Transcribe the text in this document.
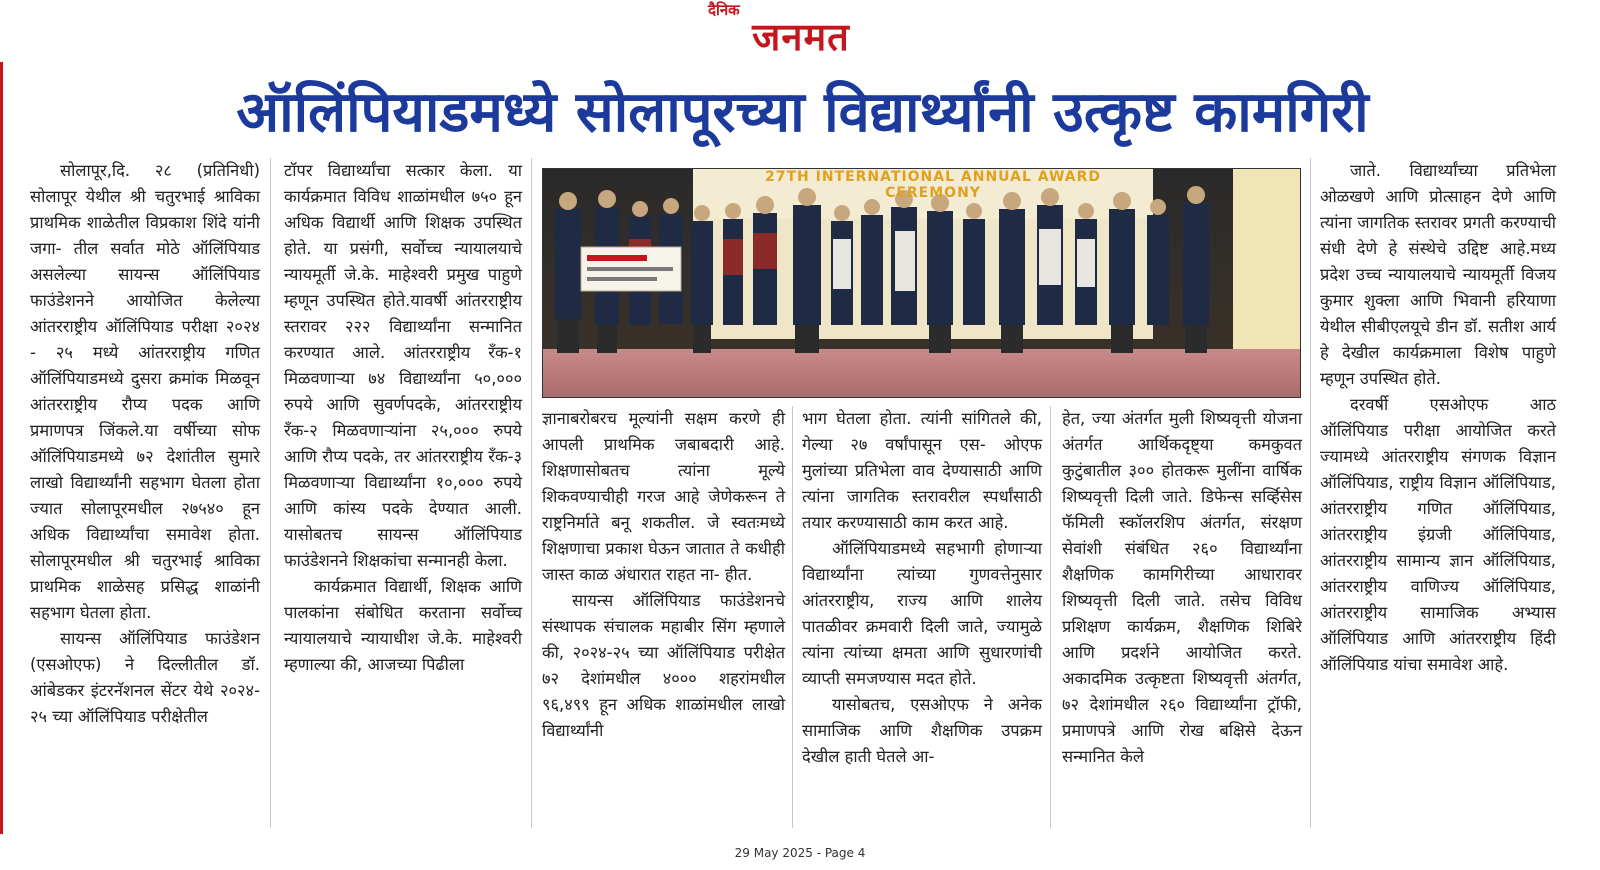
दैनिक
जनमत
ऑलिंपियाडमध्ये सोलापूरच्या विद्यार्थ्यांनी उत्कृष्ट कामगिरी

सोलापूर,दि. २८ (प्रतिनिधी) सोलापूर येथील श्री चतुरभाई श्राविका प्राथमिक शाळेतील विप्रकाश शिंदे यांनी जगा- तील सर्वात मोठे ऑलिंपियाड असलेल्या सायन्स ऑलिंपियाड फाउंडेशनने आयोजित केलेल्या आंतरराष्ट्रीय ऑलिंपियाड परीक्षा २०२४ - २५ मध्ये आंतरराष्ट्रीय गणित ऑलिंपियाडमध्ये दुसरा क्रमांक मिळवून आंतरराष्ट्रीय रौप्य पदक आणि प्रमाणपत्र जिंकले.या वर्षीच्या सोफ ऑलिंपियाडमध्ये ७२ देशांतील सुमारे लाखो विद्यार्थ्यांनी सहभाग घेतला होता ज्यात सोलापूरमधील २७५४० हून अधिक विद्यार्थ्यांचा समावेश होता. सोलापूरमधील श्री चतुरभाई श्राविका प्राथमिक शाळेसह प्रसिद्ध शाळांनी सहभाग घेतला होता.

सायन्स ऑलिंपियाड फाउंडेशन (एसओएफ) ने दिल्लीतील डॉ. आंबेडकर इंटरनॅशनल सेंटर येथे २०२४- २५ च्या ऑलिंपियाड परीक्षेतील

टॉपर विद्यार्थ्यांचा सत्कार केला. या कार्यक्रमात विविध शाळांमधील ७५० हून अधिक विद्यार्थी आणि शिक्षक उपस्थित होते. या प्रसंगी, सर्वोच्च न्यायालयाचे न्यायमूर्ती जे.के. माहेश्वरी प्रमुख पाहुणे म्हणून उपस्थित होते.यावर्षी आंतरराष्ट्रीय स्तरावर २२२ विद्यार्थ्यांना सन्मानित करण्यात आले. आंतरराष्ट्रीय रँक-१ मिळवणाऱ्या ७४ विद्यार्थ्यांना ५०,००० रुपये आणि सुवर्णपदके, आंतरराष्ट्रीय रँक-२ मिळवणाऱ्यांना २५,००० रुपये आणि रौप्य पदके, तर आंतरराष्ट्रीय रँक-३ मिळवणाऱ्या विद्यार्थ्यांना १०,००० रुपये आणि कांस्य पदके देण्यात आली. यासोबतच सायन्स ऑलिंपियाड फाउंडेशनने शिक्षकांचा सन्मानही केला.

कार्यक्रमात विद्यार्थी, शिक्षक आणि पालकांना संबोधित करताना सर्वोच्च न्यायालयाचे न्यायाधीश जे.के. माहेश्वरी म्हणाल्या की, आजच्या पिढीला

27TH INTERNATIONAL ANNUAL AWARD CEREMONY

ज्ञानाबरोबरच मूल्यांनी सक्षम करणे ही आपली प्राथमिक जबाबदारी आहे. शिक्षणासोबतच त्यांना मूल्ये शिकवण्याचीही गरज आहे जेणेकरून ते राष्ट्रनिर्माते बनू शकतील. जे स्वतःमध्ये शिक्षणाचा प्रकाश घेऊन जातात ते कधीही जास्त काळ अंधारात राहत ना- हीत.

सायन्स ऑलिंपियाड फाउंडेशनचे संस्थापक संचालक महाबीर सिंग म्हणाले की, २०२४-२५ च्या ऑलिंपियाड परीक्षेत ७२ देशांमधील ४००० शहरांमधील ९६,४९९ हून अधिक शाळांमधील लाखो विद्यार्थ्यांनी

भाग घेतला होता. त्यांनी सांगितले की, गेल्या २७ वर्षांपासून एस- ओएफ मुलांच्या प्रतिभेला वाव देण्यासाठी आणि त्यांना जागतिक स्तरावरील स्पर्धांसाठी तयार करण्यासाठी काम करत आहे.

ऑलिंपियाडमध्ये सहभागी होणाऱ्या विद्यार्थ्यांना त्यांच्या गुणवत्तेनुसार आंतरराष्ट्रीय, राज्य आणि शालेय पातळीवर क्रमवारी दिली जाते, ज्यामुळे त्यांना त्यांच्या क्षमता आणि सुधारणांची व्याप्ती समजण्यास मदत होते.

यासोबतच, एसओएफ ने अनेक सामाजिक आणि शैक्षणिक उपक्रम देखील हाती घेतले आ-

हेत, ज्या अंतर्गत मुली शिष्यवृत्ती योजना अंतर्गत आर्थिकदृष्ट्या कमकुवत कुटुंबातील ३०० होतकरू मुलींना वार्षिक शिष्यवृत्ती दिली जाते. डिफेन्स सर्व्हिसेस फॅमिली स्कॉलरशिप अंतर्गत, संरक्षण सेवांशी संबंधित २६० विद्यार्थ्यांना शैक्षणिक कामगिरीच्या आधारावर शिष्यवृत्ती दिली जाते. तसेच विविध प्रशिक्षण कार्यक्रम, शैक्षणिक शिबिरे आणि प्रदर्शने आयोजित करते. अकादमिक उत्कृष्टता शिष्यवृत्ती अंतर्गत, ७२ देशांमधील २६० विद्यार्थ्यांना ट्रॉफी, प्रमाणपत्रे आणि रोख बक्षिसे देऊन सन्मानित केले

जाते. विद्यार्थ्यांच्या प्रतिभेला ओळखणे आणि प्रोत्साहन देणे आणि त्यांना जागतिक स्तरावर प्रगती करण्याची संधी देणे हे संस्थेचे उद्दिष्ट आहे.मध्य प्रदेश उच्च न्यायालयाचे न्यायमूर्ती विजय कुमार शुक्ला आणि भिवानी हरियाणा येथील सीबीएलयूचे डीन डॉ. सतीश आर्य हे देखील कार्यक्रमाला विशेष पाहुणे म्हणून उपस्थित होते.

दरवर्षी एसओएफ आठ ऑलिंपियाड परीक्षा आयोजित करते ज्यामध्ये आंतरराष्ट्रीय संगणक विज्ञान ऑलिंपियाड, राष्ट्रीय विज्ञान ऑलिंपियाड, आंतरराष्ट्रीय गणित ऑलिंपियाड, आंतरराष्ट्रीय इंग्रजी ऑलिंपियाड, आंतरराष्ट्रीय सामान्य ज्ञान ऑलिंपियाड, आंतरराष्ट्रीय वाणिज्य ऑलिंपियाड, आंतरराष्ट्रीय सामाजिक अभ्यास ऑलिंपियाड आणि आंतरराष्ट्रीय हिंदी ऑलिंपियाड यांचा समावेश आहे.

29 May 2025 - Page 4
